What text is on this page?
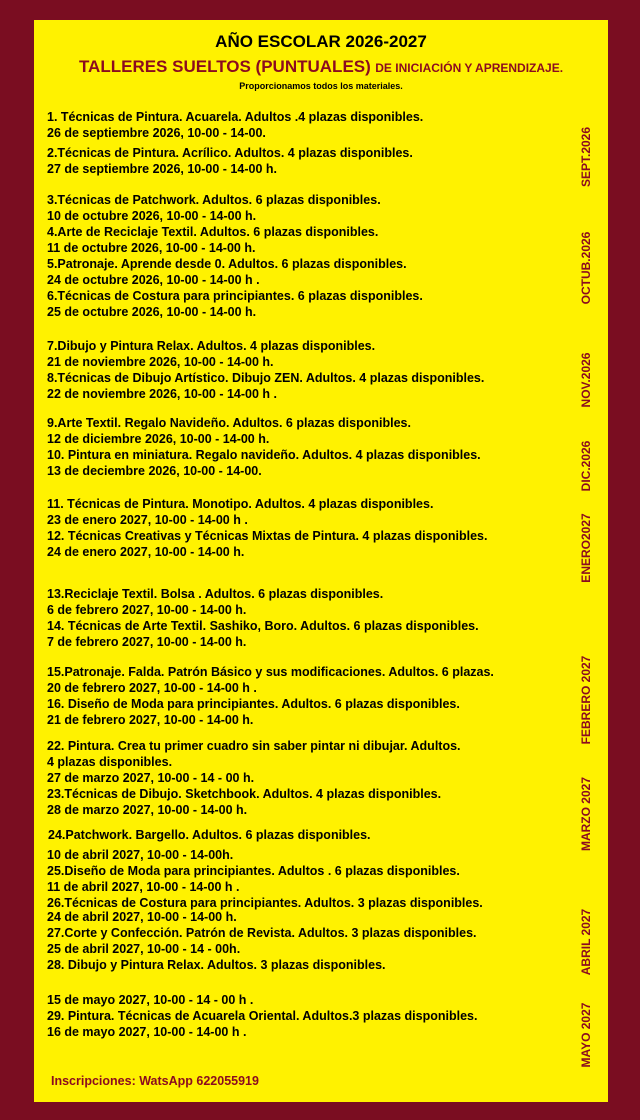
AÑO ESCOLAR 2026-2027
TALLERES SUELTOS (PUNTUALES) DE INICIACIÓN Y APRENDIZAJE.
Proporcionamos todos los materiales.
1. Técnicas de Pintura. Acuarela. Adultos .4 plazas disponibles.
26 de septiembre 2026, 10-00 - 14-00.
2.Técnicas de Pintura. Acrílico. Adultos. 4 plazas disponibles.
27 de septiembre 2026, 10-00 - 14-00 h.
3.Técnicas de Patchwork. Adultos. 6 plazas disponibles.
10 de octubre 2026, 10-00 - 14-00 h.
4.Arte de Reciclaje Textil. Adultos. 6 plazas disponibles.
11 de octubre 2026, 10-00 - 14-00 h.
5.Patronaje. Aprende desde 0. Adultos. 6 plazas disponibles.
24 de octubre 2026, 10-00 - 14-00 h .
6.Técnicas de Costura para principiantes. 6 plazas disponibles.
25 de octubre 2026, 10-00 - 14-00 h.
7.Dibujo y Pintura Relax. Adultos. 4 plazas disponibles.
21 de noviembre 2026, 10-00 - 14-00 h.
8.Técnicas de Dibujo Artístico. Dibujo ZEN. Adultos. 4 plazas disponibles.
22 de noviembre 2026, 10-00 - 14-00 h .
9.Arte Textil. Regalo Navideño. Adultos. 6 plazas disponibles.
12 de diciembre 2026, 10-00 - 14-00 h.
10. Pintura en miniatura. Regalo navideño. Adultos. 4 plazas disponibles.
13 de deciembre 2026, 10-00 - 14-00.
11. Técnicas de Pintura. Monotipo. Adultos. 4 plazas disponibles.
23 de enero 2027, 10-00 - 14-00 h .
12. Técnicas Creativas y Técnicas Mixtas de Pintura. 4 plazas disponibles.
24 de enero 2027, 10-00 - 14-00 h.
13.Reciclaje Textil. Bolsa . Adultos. 6 plazas disponibles.
6 de febrero 2027, 10-00 - 14-00 h.
14. Técnicas de Arte Textil. Sashiko, Boro. Adultos. 6 plazas disponibles.
7 de febrero 2027, 10-00 - 14-00 h.
15.Patronaje. Falda. Patrón Básico y sus modificaciones. Adultos. 6 plazas.
20 de febrero 2027, 10-00 - 14-00 h .
16. Diseño de Moda para principiantes. Adultos. 6 plazas disponibles.
21 de febrero 2027, 10-00 - 14-00 h.
22. Pintura. Crea tu primer cuadro sin saber pintar ni dibujar. Adultos.
4 plazas disponibles.
27 de marzo 2027, 10-00 - 14 - 00 h.
23.Técnicas de Dibujo. Sketchbook. Adultos. 4 plazas disponibles.
28 de marzo 2027, 10-00 - 14-00 h.
24.Patchwork. Bargello. Adultos. 6 plazas disponibles.
10 de abril 2027, 10-00 - 14-00h.
25.Diseño de Moda para principiantes. Adultos . 6 plazas disponibles.
11 de abril 2027, 10-00 - 14-00 h .
26.Técnicas de Costura para principiantes. Adultos. 3 plazas disponibles.
24 de abril 2027, 10-00 - 14-00 h.
27.Corte y Confección. Patrón de Revista. Adultos. 3 plazas disponibles.
25 de abril 2027, 10-00 - 14 - 00h.
28. Dibujo y Pintura Relax. Adultos. 3 plazas disponibles.
15 de mayo 2027, 10-00 - 14 - 00 h .
29. Pintura. Técnicas de Acuarela Oriental. Adultos.3 plazas disponibles.
16 de mayo 2027, 10-00 - 14-00 h .
SEPT.2026
OCTUB.2026
NOV.2026
DIC.2026
ENERO2027
FEBRERO 2027
MARZO 2027
ABRIL 2027
MAYO 2027
Inscripciones: WatsApp 622055919
